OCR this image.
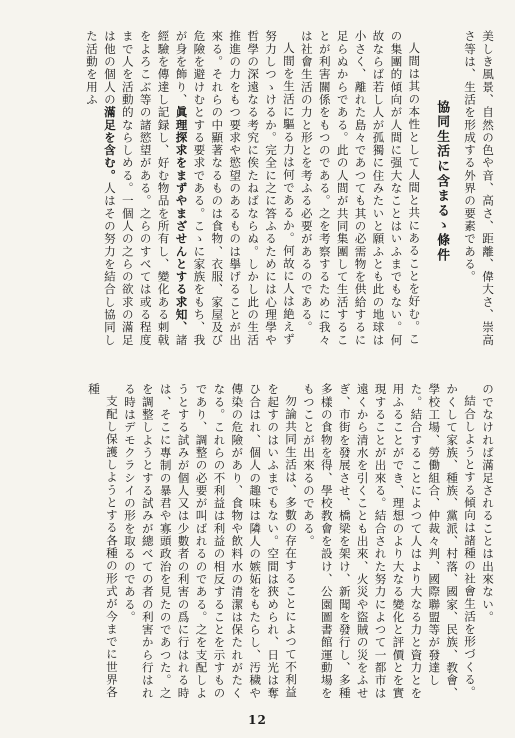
美しき風景、自然の色や音、高さ、距離、偉大さ、崇高さ等は、生活を形成する外界の要素である。

協同生活に含まるゝ條件

人間は其の本性として人間と共にあることを好む。この集團的傾向が人間に强大なことはいふまでもない。何故ならば若し人が孤獨に住みたいと願ふとも此の地球は小さく、離れた島々であつても其の必需物を供給するに足らぬからである。此の人間が共同集團して生活することが利害關係をもつのである。之を考察するために我々は社會生活の力と形とを考ふる必要があるのである。

人間を生活に驅る力は何であるか。何故に人は絶えず努力しつゝけるか。完全に之に答ふるためには心理學や哲學の深遠なる考究に俟たねばならぬ。しかし此の生活推進の力をもつ要求や慾望のあるものは擧げることが出來る。それらの中顯著なるものは食物、衣服、家屋及び危險を避けむとする要求である。こゝに家族をもち、我が身を飾り、眞理探求をまずやまざせんとする求知、諸經驗を傳達し記録し、好む物品を所有し、變化ある刺戟をよろこぶ等の諸慾望がある。之らのすべては或る程度まで人を活動的ならしめる。一個人の之らの欲求の滿足は他の個人の滿足を含む。人はその努力を結合し協同した活動を用ふ

のでなければ滿足されることは出來ない。

結合しようとする傾向は諸種の社會生活を形づくる。かくして家族、種族、黨派、村落、國家、民族、教會、學校工場、勞働組合、仲裁々判、國際聯盟等が發達した。結合することによつて人はより大なる力と資力とを用ふることができ、理想のより大なる變化と評價とを實現することが出來る。結合された努力によつて一都市は遠くから清水を引くことも出來、火災や盜賊の災をふせぎ、市街を發展させ、橋梁を架け、新聞を發行し、多種多樣の食物を得、學校教會を設け、公園圖書館運動場をもつことが出來るのである。

勿論共同生活は、多數の存在することによつて不利益を起すのはいふまでもない。空間は狹められ、日光は奪ひ合はれ、個人の趣味は隣人の嫉妬をもたらし、汚穢や傳染の危險があり、食物や飲料水の清潔は保たれがたくなる。これらの不利益は利益の相反することを示すものであり、調整の必要が叫ばれるのである。之を支配しようとする試みが個人又は少數者の利害の爲に行はれる時は、そこに專制の暴君や寡頭政治を見たのであつた。之を調整しようとする試みが總べての者の利害から行はれる時はデモクラシイの形を取るのである。

支配し保護しようとする各種の形式が今までに世界各種

12
